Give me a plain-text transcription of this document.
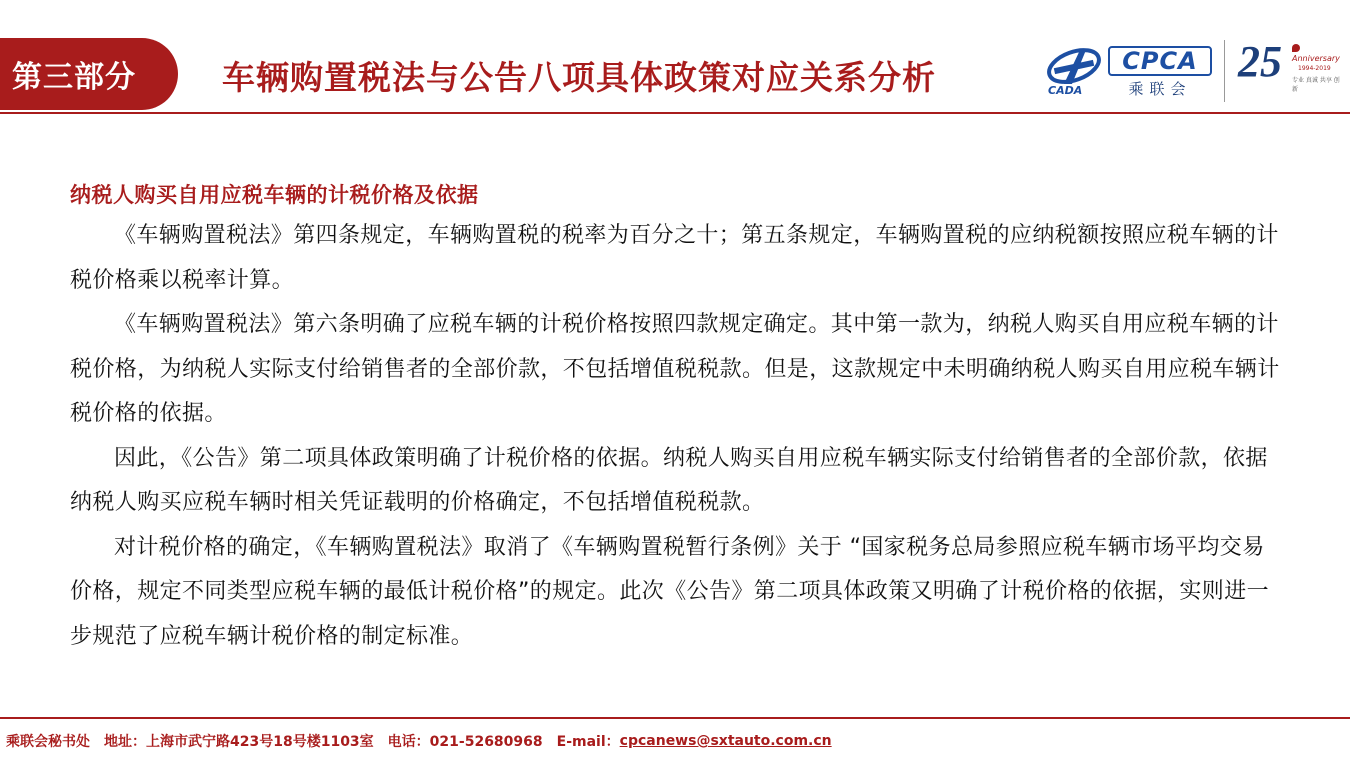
第三部分	车辆购置税法与公告八项具体政策对应关系分析	CADA
CPCA
乘联会
25 Anniversary
1994-2019
专业 真诚 共享 创新
纳税人购买自用应税车辆的计税价格及依据

《车辆购置税法》第四条规定，车辆购置税的税率为百分之十；第五条规定，车辆购置税的应纳税额按照应税车辆的计税价格乘以税率计算。

《车辆购置税法》第六条明确了应税车辆的计税价格按照四款规定确定。其中第一款为，纳税人购买自用应税车辆的计税价格，为纳税人实际支付给销售者的全部价款，不包括增值税税款。但是，这款规定中未明确纳税人购买自用应税车辆计税价格的依据。

因此，《公告》第二项具体政策明确了计税价格的依据。纳税人购买自用应税车辆实际支付给销售者的全部价款，依据纳税人购买应税车辆时相关凭证载明的价格确定，不包括增值税税款。

对计税价格的确定，《车辆购置税法》取消了《车辆购置税暂行条例》关于 “国家税务总局参照应税车辆市场平均交易价格，规定不同类型应税车辆的最低计税价格”的规定。此次《公告》第二项具体政策又明确了计税价格的依据，实则进一步规范了应税车辆计税价格的制定标准。

乘联会秘书处 地址：上海市武宁路423号18号楼1103室 电话：021-52680968 E-mail： cpcanews@sxtauto.com.cn
